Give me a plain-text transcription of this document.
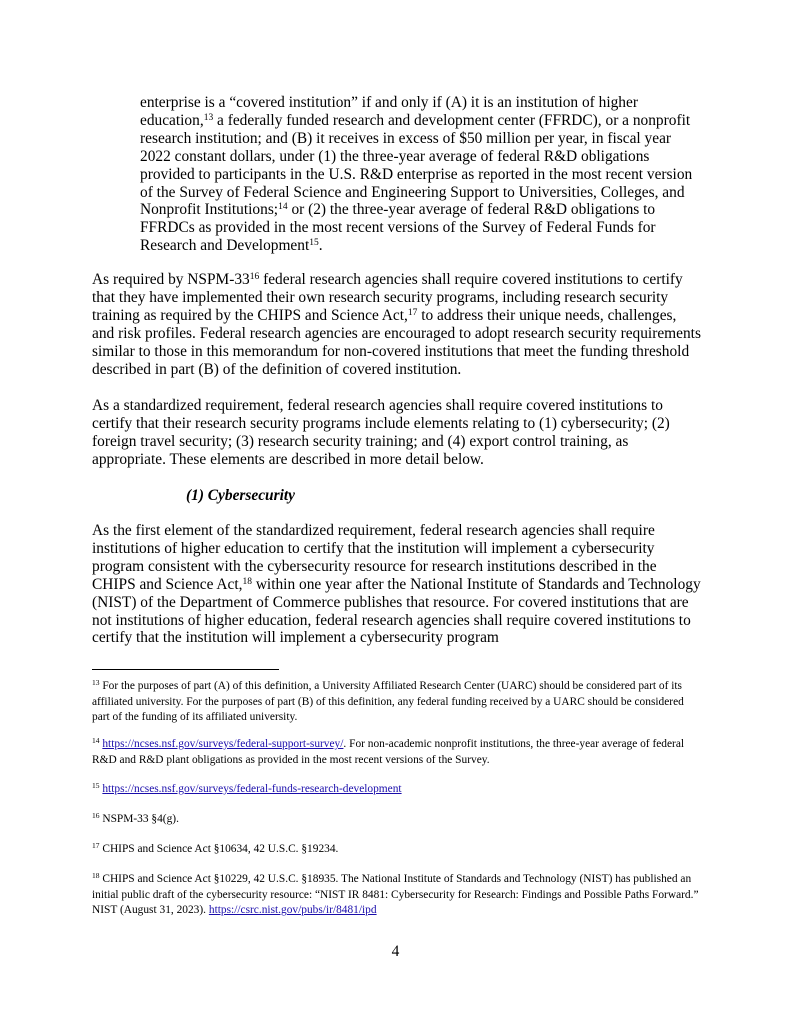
enterprise is a “covered institution” if and only if (A) it is an institution of higher education,$^{13}$ a federally funded research and development center (FFRDC), or a nonprofit research institution; and (B) it receives in excess of $50 million per year, in fiscal year 2022 constant dollars, under (1) the three-year average of federal R&D obligations provided to participants in the U.S. R&D enterprise as reported in the most recent version of the Survey of Federal Science and Engineering Support to Universities, Colleges, and Nonprofit Institutions;$^{14}$ or (2) the three-year average of federal R&D obligations to FFRDCs as provided in the most recent versions of the Survey of Federal Funds for Research and Development$^{15}$.

As required by NSPM-$33^{16}$ federal research agencies shall require covered institutions to certify that they have implemented their own research security programs, including research security training as required by the CHIPS and Science Act,$^{17}$ to address their unique needs, challenges, and risk profiles. Federal research agencies are encouraged to adopt research security requirements similar to those in this memorandum for non-covered institutions that meet the funding threshold described in part (B) of the definition of covered institution.

As a standardized requirement, federal research agencies shall require covered institutions to certify that their research security programs include elements relating to (1) cybersecurity; (2) foreign travel security; (3) research security training; and (4) export control training, as appropriate. These elements are described in more detail below.

(1) Cybersecurity

As the first element of the standardized requirement, federal research agencies shall require institutions of higher education to certify that the institution will implement a cybersecurity program consistent with the cybersecurity resource for research institutions described in the CHIPS and Science Act,$^{18}$ within one year after the National Institute of Standards and Technology (NIST) of the Department of Commerce publishes that resource. For covered institutions that are not institutions of higher education, federal research agencies shall require covered institutions to certify that the institution will implement a cybersecurity program

$^{13}$ For the purposes of part (A) of this definition, a University Affiliated Research Center (UARC) should be considered part of its affiliated university. For the purposes of part (B) of this definition, any federal funding received by a UARC should be considered part of the funding of its affiliated university.

$^{14}$ https://ncses.nsf.gov/surveys/federal-support-survey/. For non-academic nonprofit institutions, the three-year average of federal R&D and R&D plant obligations as provided in the most recent versions of the Survey.

$^{15}$ https://ncses.nsf.gov/surveys/federal-funds-research-development

$^{16}$ NSPM-33 §4(g).

$^{17}$ CHIPS and Science Act §10634, 42 U.S.C. §19234.

$^{18}$ CHIPS and Science Act §10229, 42 U.S.C. §18935. The National Institute of Standards and Technology (NIST) has published an initial public draft of the cybersecurity resource: “NIST IR 8481: Cybersecurity for Research: Findings and Possible Paths Forward.” NIST (August 31, 2023). https://csrc.nist.gov/pubs/ir/8481/ipd

4
